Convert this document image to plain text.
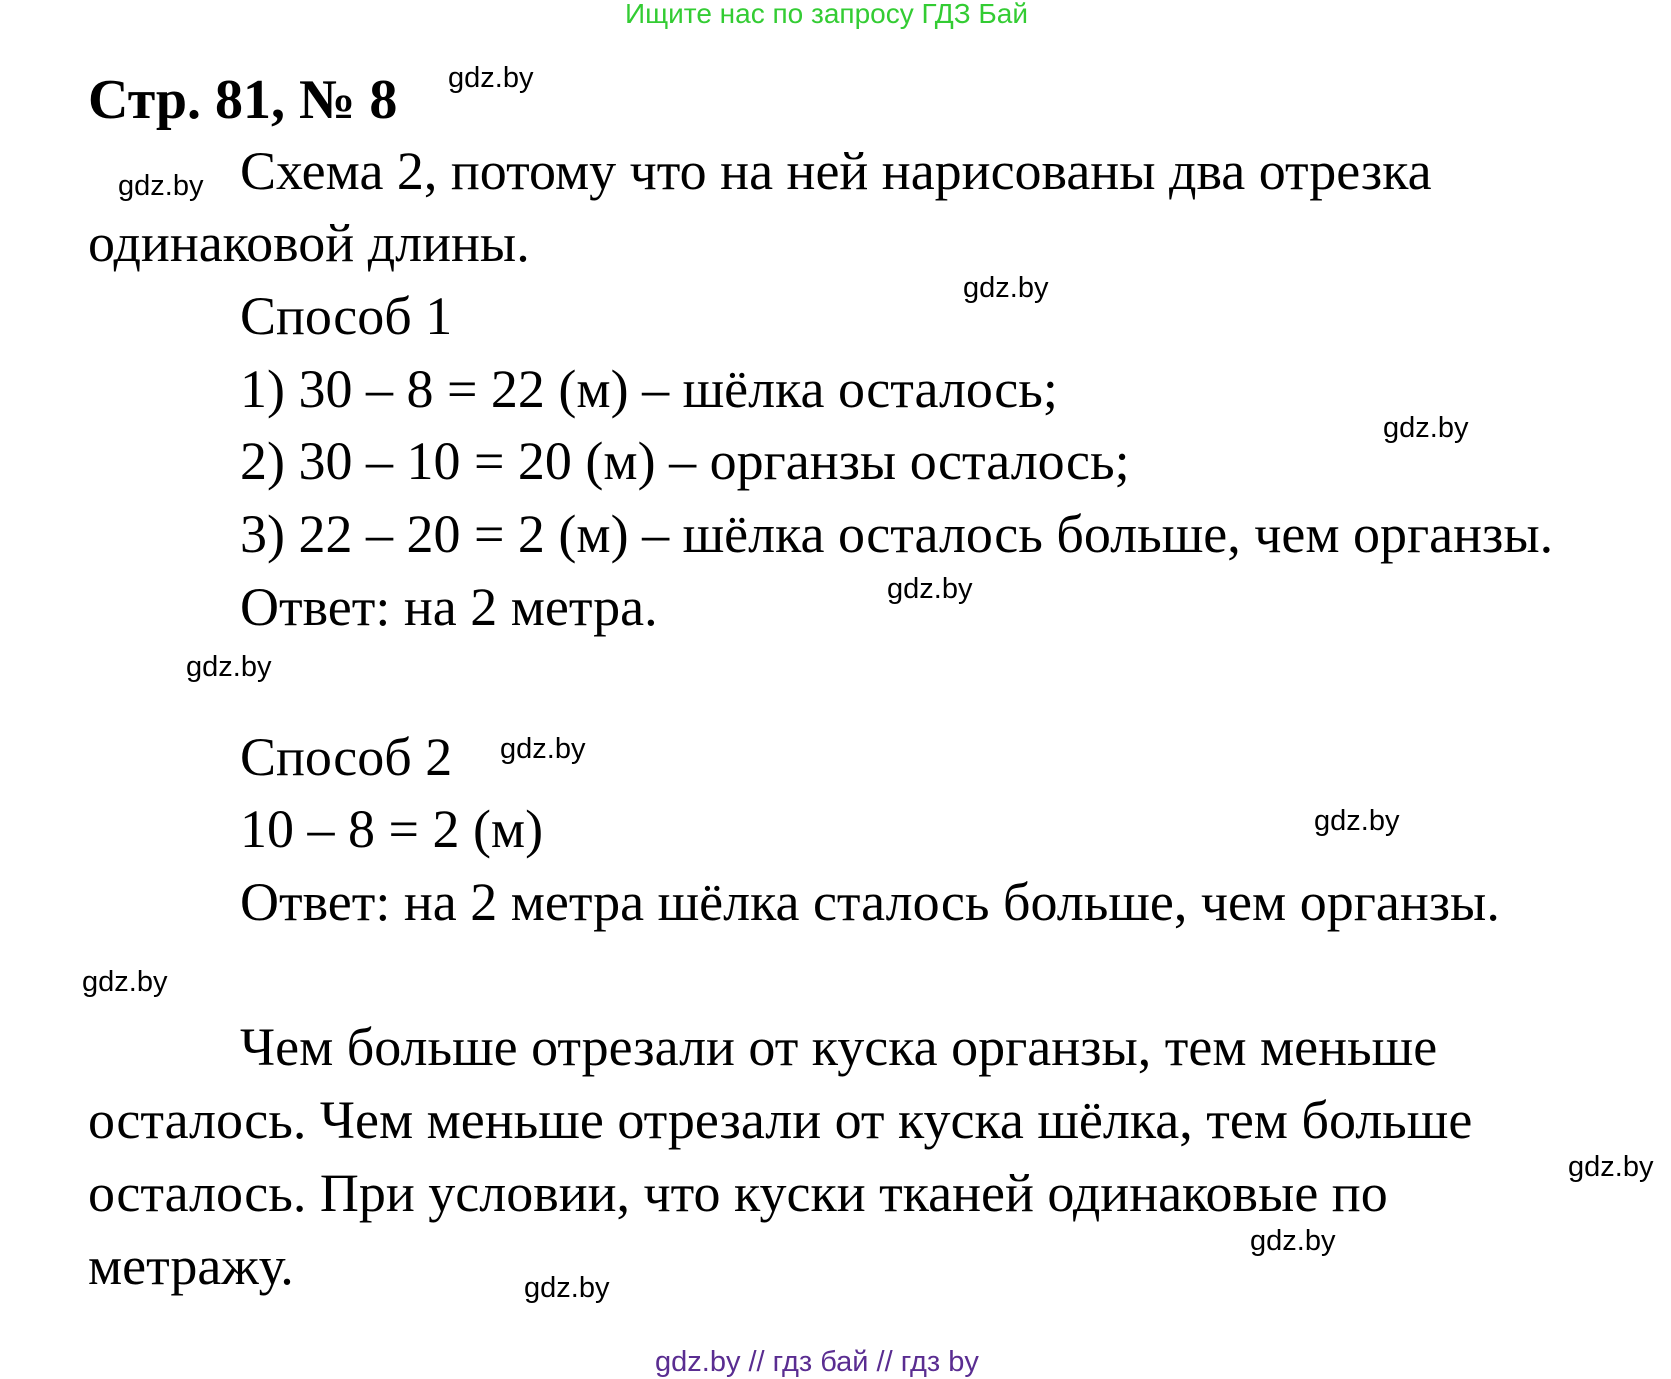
Ищите нас по запросу ГДЗ Бай
Стр. 81, № 8
Схема 2, потому что на ней нарисованы два отрезка
одинаковой длины.
Способ 1
1) 30 – 8 = 22 (м) – шёлка осталось;
2) 30 – 10 = 20 (м) – органзы осталось;
3) 22 – 20 = 2 (м) – шёлка осталось больше, чем органзы.
Ответ: на 2 метра.
Способ 2
10 – 8 = 2 (м)
Ответ: на 2 метра шёлка сталось больше, чем органзы.
Чем больше отрезали от куска органзы, тем меньше
осталось. Чем меньше отрезали от куска шёлка, тем больше
осталось. При условии, что куски тканей одинаковые по
метражу.
gdz.by
gdz.by
gdz.by
gdz.by
gdz.by
gdz.by
gdz.by
gdz.by
gdz.by
gdz.by
gdz.by
gdz.by
gdz.by // гдз бай // гдз by
